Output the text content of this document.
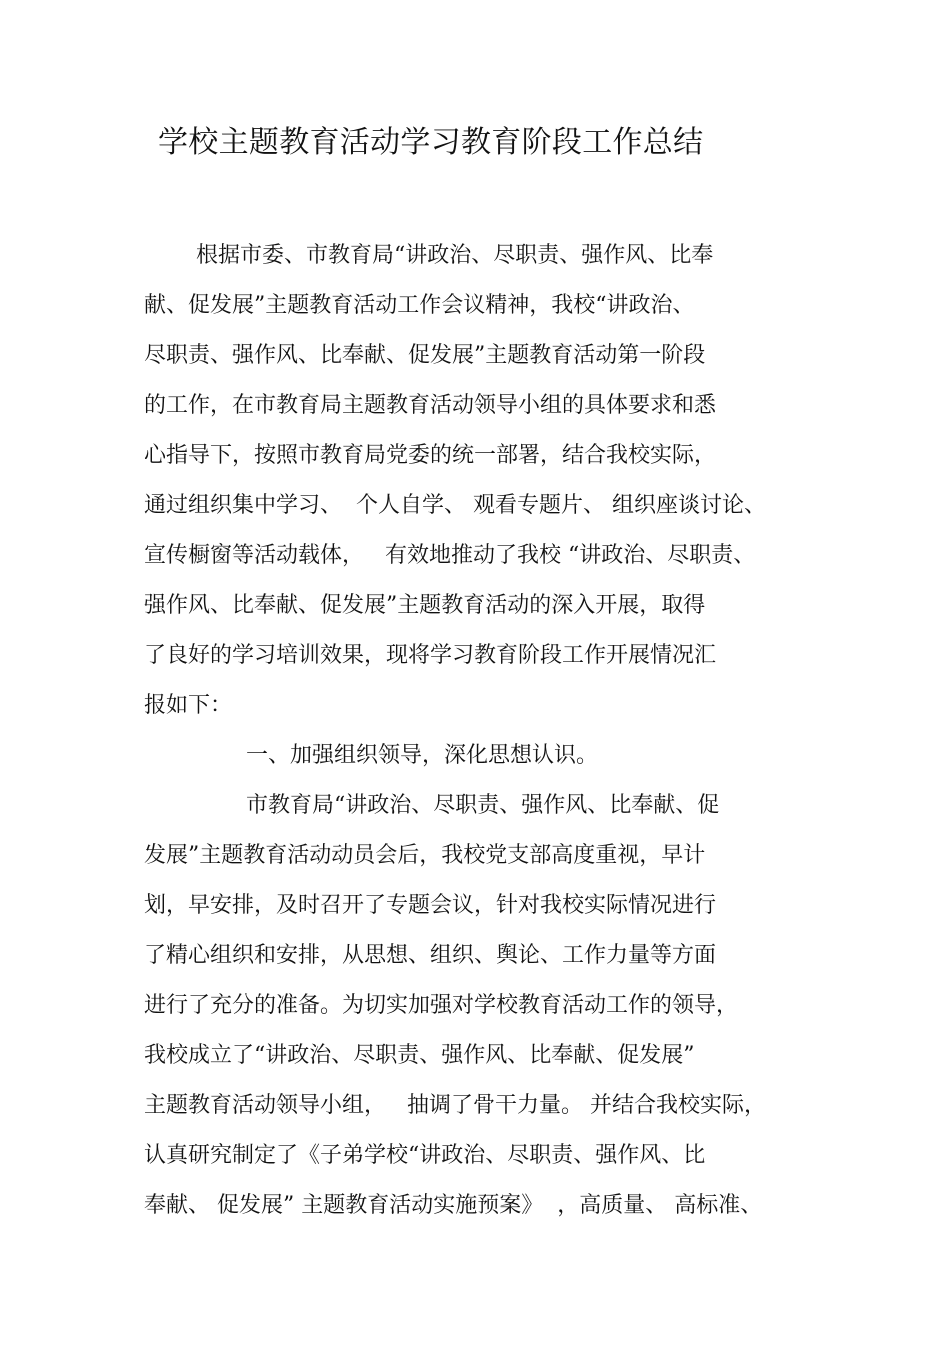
学校主题教育活动学习教育阶段工作总结
根据市委、市教育局“讲政治、尽职责、强作风、比奉
献、促发展”主题教育活动工作会议精神，我校“讲政治、
尽职责、强作风、比奉献、促发展”主题教育活动第一阶段
的工作，在市教育局主题教育活动领导小组的具体要求和悉
心指导下，按照市教育局党委的统一部署，结合我校实际，
通过组织集中学习、  个人自学、 观看专题片、 组织座谈讨论、
宣传橱窗等活动载体，   有效地推动了我校 “讲政治、尽职责、
强作风、比奉献、促发展”主题教育活动的深入开展，取得
了良好的学习培训效果，现将学习教育阶段工作开展情况汇
报如下：
一、加强组织领导，深化思想认识。
市教育局“讲政治、尽职责、强作风、比奉献、促
发展”主题教育活动动员会后，我校党支部高度重视，早计
划，早安排，及时召开了专题会议，针对我校实际情况进行
了精心组织和安排，从思想、组织、舆论、工作力量等方面
进行了充分的准备。为切实加强对学校教育活动工作的领导，
我校成立了“讲政治、尽职责、强作风、比奉献、促发展”
主题教育活动领导小组，   抽调了骨干力量。 并结合我校实际，
认真研究制定了《子弟学校“讲政治、尽职责、强作风、比
奉献、 促发展” 主题教育活动实施预案》  ，高质量、 高标准、
